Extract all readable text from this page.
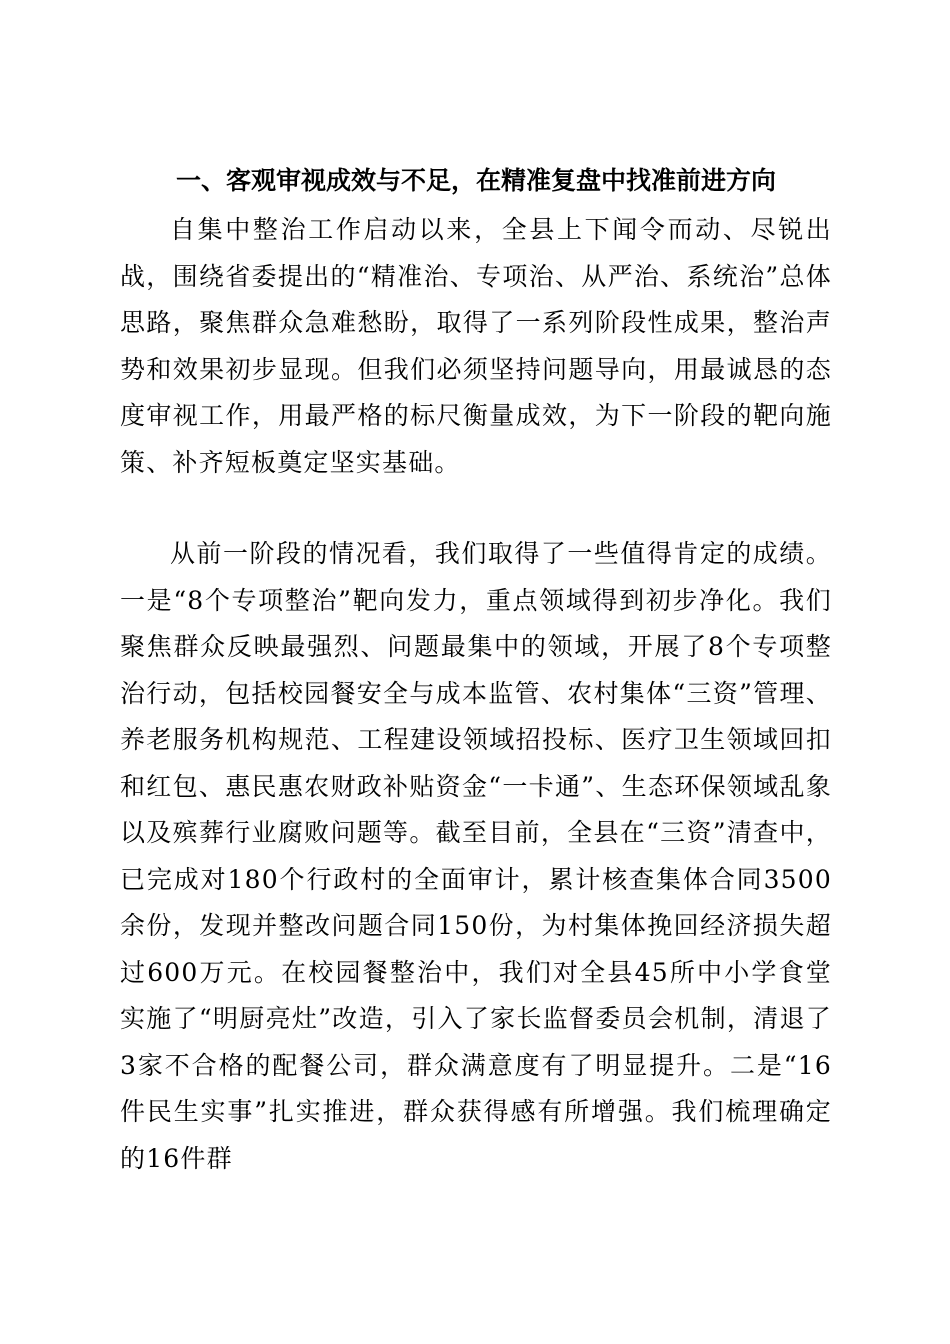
一、客观审视成效与不足，在精准复盘中找准前进方向

自集中整治工作启动以来，全县上下闻令而动、尽锐出战，围绕省委提出的“精准治、专项治、从严治、系统治”总体思路，聚焦群众急难愁盼，取得了一系列阶段性成果，整治声势和效果初步显现。但我们必须坚持问题导向，用最诚恳的态度审视工作，用最严格的标尺衡量成效，为下一阶段的靶向施策、补齐短板奠定坚实基础。

从前一阶段的情况看，我们取得了一些值得肯定的成绩。一是“8个专项整治”靶向发力，重点领域得到初步净化。我们聚焦群众反映最强烈、问题最集中的领域，开展了8个专项整治行动，包括校园餐安全与成本监管、农村集体“三资”管理、养老服务机构规范、工程建设领域招投标、医疗卫生领域回扣和红包、惠民惠农财政补贴资金“一卡通”、生态环保领域乱象以及殡葬行业腐败问题等。截至目前，全县在“三资”清查中，已完成对180个行政村的全面审计，累计核查集体合同3500余份，发现并整改问题合同150份，为村集体挽回经济损失超过600万元。在校园餐整治中，我们对全县45所中小学食堂实施了“明厨亮灶”改造，引入了家长监督委员会机制，清退了3家不合格的配餐公司，群众满意度有了明显提升。二是“16件民生实事”扎实推进，群众获得感有所增强。我们梳理确定的16件群
